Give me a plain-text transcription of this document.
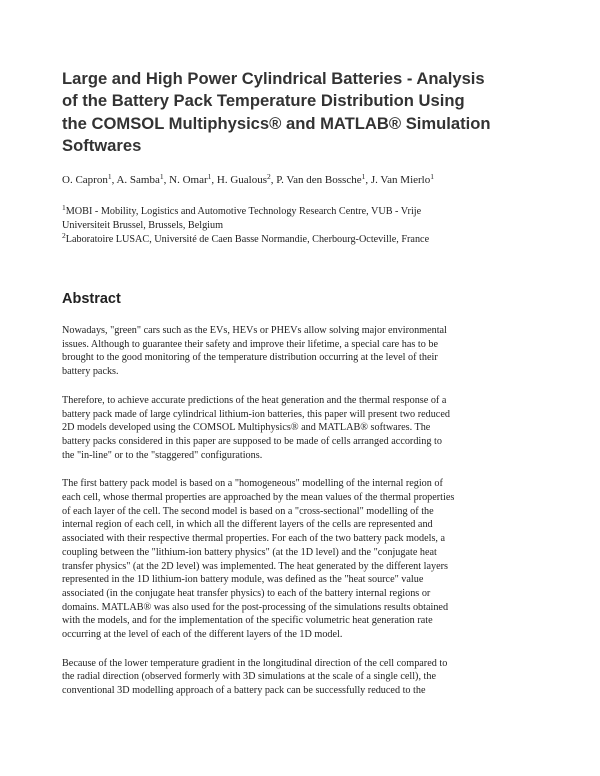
Large and High Power Cylindrical Batteries - Analysis
of the Battery Pack Temperature Distribution Using
the COMSOL Multiphysics® and MATLAB® Simulation
Softwares
O. Capron$^1$, A. Samba$^1$, N. Omar$^1$, H. Gualous$^2$, P. Van den Bossche$^1$, J. Van Mierlo$^1$

$^1$MOBI - Mobility, Logistics and Automotive Technology Research Centre, VUB - Vrije
Universiteit Brussel, Brussels, Belgium

$^2$Laboratoire LUSAC, Université de Caen Basse Normandie, Cherbourg-Octeville, France

Abstract

Nowadays, "green" cars such as the EVs, HEVs or PHEVs allow solving major environmental
issues. Although to guarantee their safety and improve their lifetime, a special care has to be
brought to the good monitoring of the temperature distribution occurring at the level of their
battery packs.

Therefore, to achieve accurate predictions of the heat generation and the thermal response of a
battery pack made of large cylindrical lithium-ion batteries, this paper will present two reduced
2D models developed using the COMSOL Multiphysics® and MATLAB® softwares. The
battery packs considered in this paper are supposed to be made of cells arranged according to
the "in-line" or to the "staggered" configurations.

The first battery pack model is based on a "homogeneous" modelling of the internal region of
each cell, whose thermal properties are approached by the mean values of the thermal properties
of each layer of the cell. The second model is based on a "cross-sectional" modelling of the
internal region of each cell, in which all the different layers of the cells are represented and
associated with their respective thermal properties. For each of the two battery pack models, a
coupling between the "lithium-ion battery physics" (at the 1D level) and the "conjugate heat
transfer physics" (at the 2D level) was implemented. The heat generated by the different layers
represented in the 1D lithium-ion battery module, was defined as the "heat source" value
associated (in the conjugate heat transfer physics) to each of the battery internal regions or
domains. MATLAB® was also used for the post-processing of the simulations results obtained
with the models, and for the implementation of the specific volumetric heat generation rate
occurring at the level of each of the different layers of the 1D model.

Because of the lower temperature gradient in the longitudinal direction of the cell compared to
the radial direction (observed formerly with 3D simulations at the scale of a single cell), the
conventional 3D modelling approach of a battery pack can be successfully reduced to the
